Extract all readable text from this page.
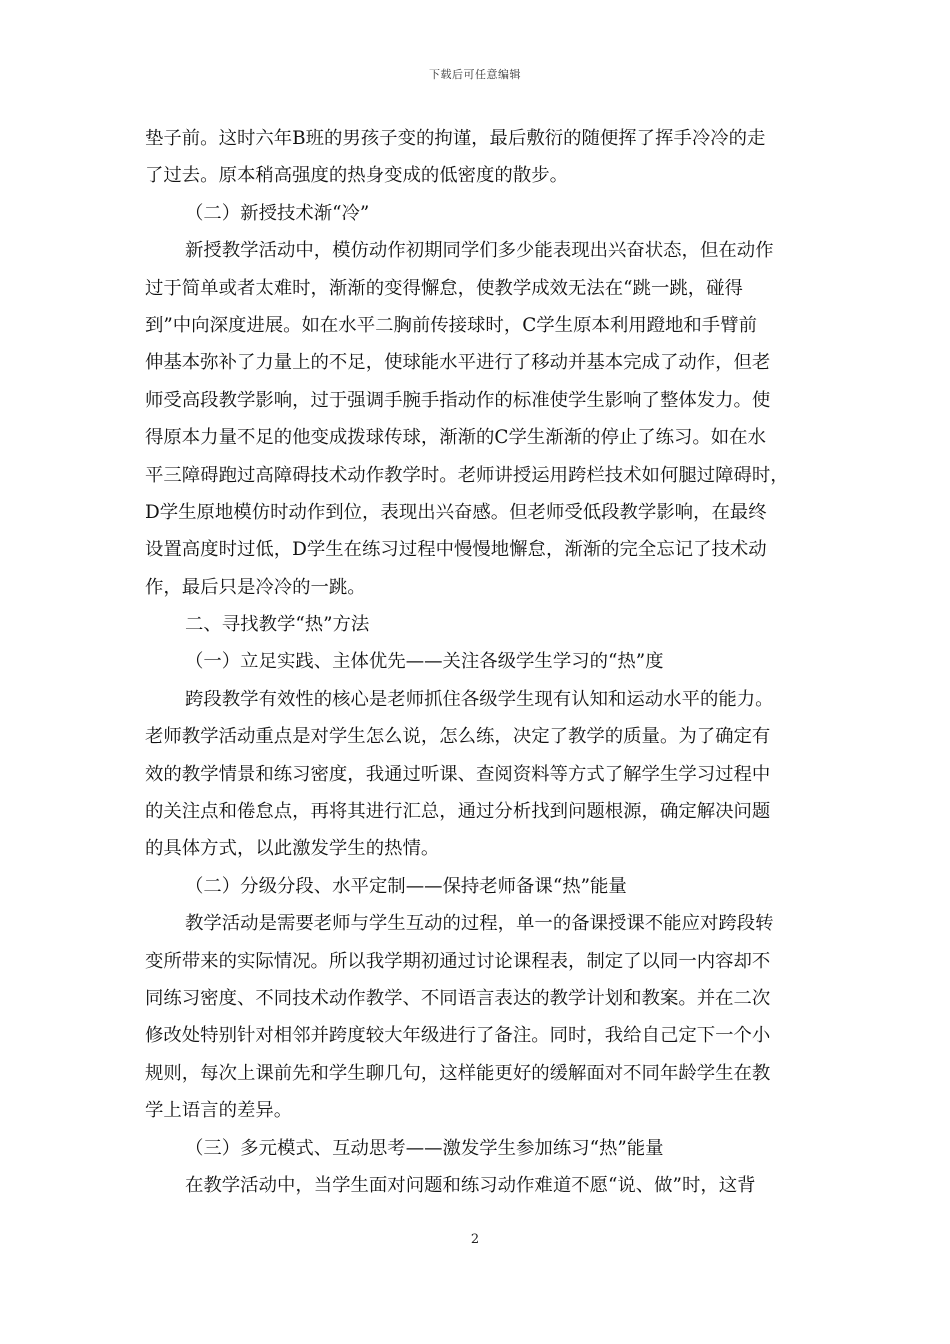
下载后可任意编辑
垫子前。这时六年B班的男孩子变的拘谨，最后敷衍的随便挥了挥手冷冷的走
了过去。原本稍高强度的热身变成的低密度的散步。
（二）新授技术渐“冷”
新授教学活动中，模仿动作初期同学们多少能表现出兴奋状态，但在动作
过于简单或者太难时，渐渐的变得懈怠，使教学成效无法在“跳一跳，碰得
到”中向深度进展。如在水平二胸前传接球时，C学生原本利用蹬地和手臂前
伸基本弥补了力量上的不足，使球能水平进行了移动并基本完成了动作，但老
师受高段教学影响，过于强调手腕手指动作的标准使学生影响了整体发力。使
得原本力量不足的他变成拨球传球，渐渐的C学生渐渐的停止了练习。如在水
平三障碍跑过高障碍技术动作教学时。老师讲授运用跨栏技术如何腿过障碍时，
D学生原地模仿时动作到位，表现出兴奋感。但老师受低段教学影响，在最终
设置高度时过低，D学生在练习过程中慢慢地懈怠，渐渐的完全忘记了技术动
作，最后只是冷冷的一跳。
二、寻找教学“热”方法
（一）立足实践、主体优先——关注各级学生学习的“热”度
跨段教学有效性的核心是老师抓住各级学生现有认知和运动水平的能力。
老师教学活动重点是对学生怎么说，怎么练，决定了教学的质量。为了确定有
效的教学情景和练习密度，我通过听课、查阅资料等方式了解学生学习过程中
的关注点和倦怠点，再将其进行汇总，通过分析找到问题根源，确定解决问题
的具体方式，以此激发学生的热情。
（二）分级分段、水平定制——保持老师备课“热”能量
教学活动是需要老师与学生互动的过程，单一的备课授课不能应对跨段转
变所带来的实际情况。所以我学期初通过讨论课程表，制定了以同一内容却不
同练习密度、不同技术动作教学、不同语言表达的教学计划和教案。并在二次
修改处特别针对相邻并跨度较大年级进行了备注。同时，我给自己定下一个小
规则，每次上课前先和学生聊几句，这样能更好的缓解面对不同年龄学生在教
学上语言的差异。
（三）多元模式、互动思考——激发学生参加练习“热”能量
在教学活动中，当学生面对问题和练习动作难道不愿“说、做”时，这背
2
